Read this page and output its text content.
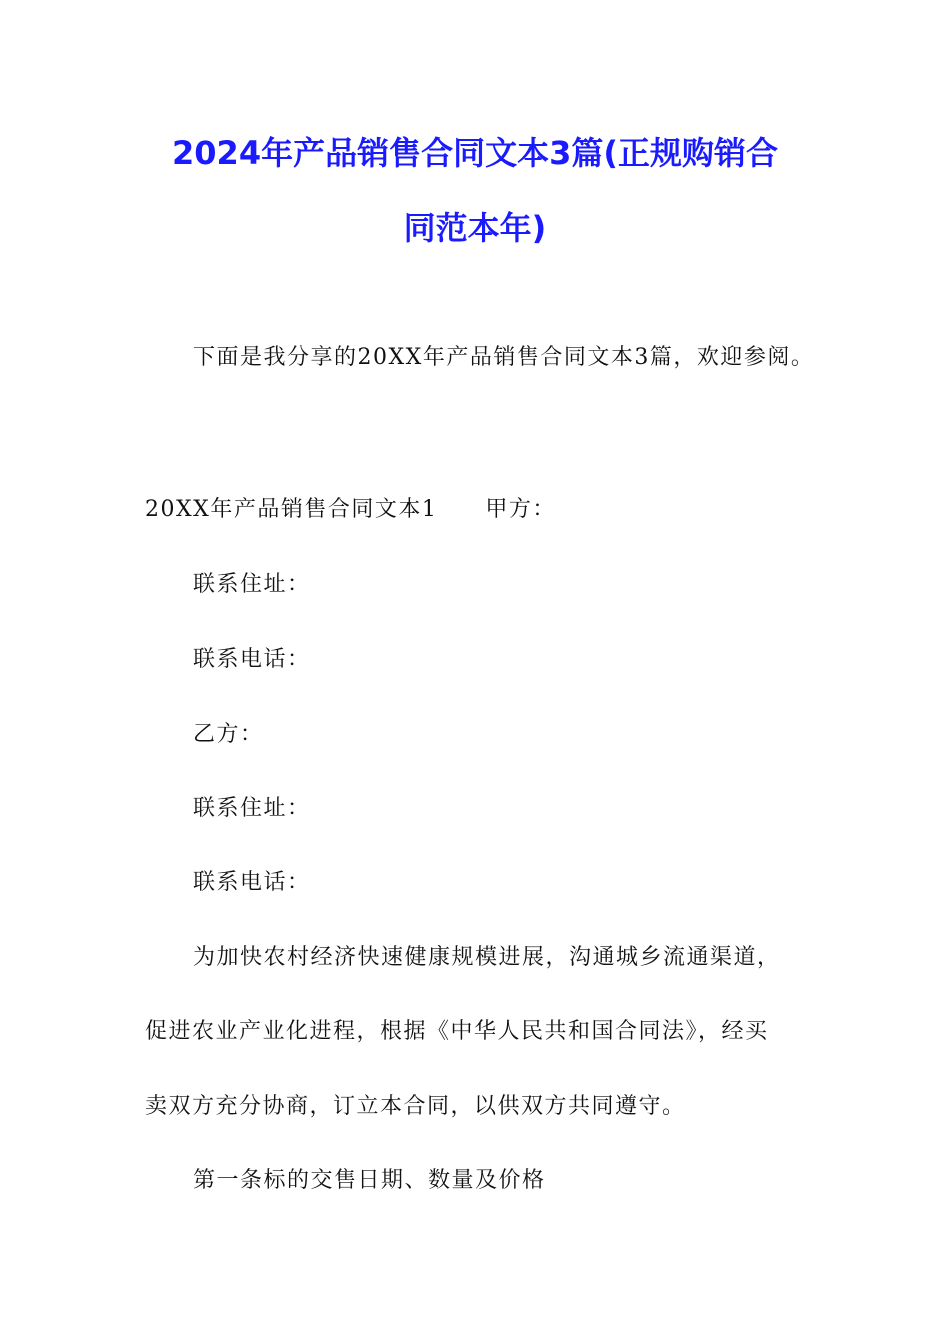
2024年产品销售合同文本3篇(正规购销合
同范本年)
下面是我分享的20XX年产品销售合同文本3篇，欢迎参阅。
20XX年产品销售合同文本1 甲方：
联系住址：
联系电话：
乙方：
联系住址：
联系电话：
为加快农村经济快速健康规模进展，沟通城乡流通渠道，
促进农业产业化进程，根据《中华人民共和国合同法》，经买
卖双方充分协商，订立本合同，以供双方共同遵守。
第一条标的交售日期、数量及价格
